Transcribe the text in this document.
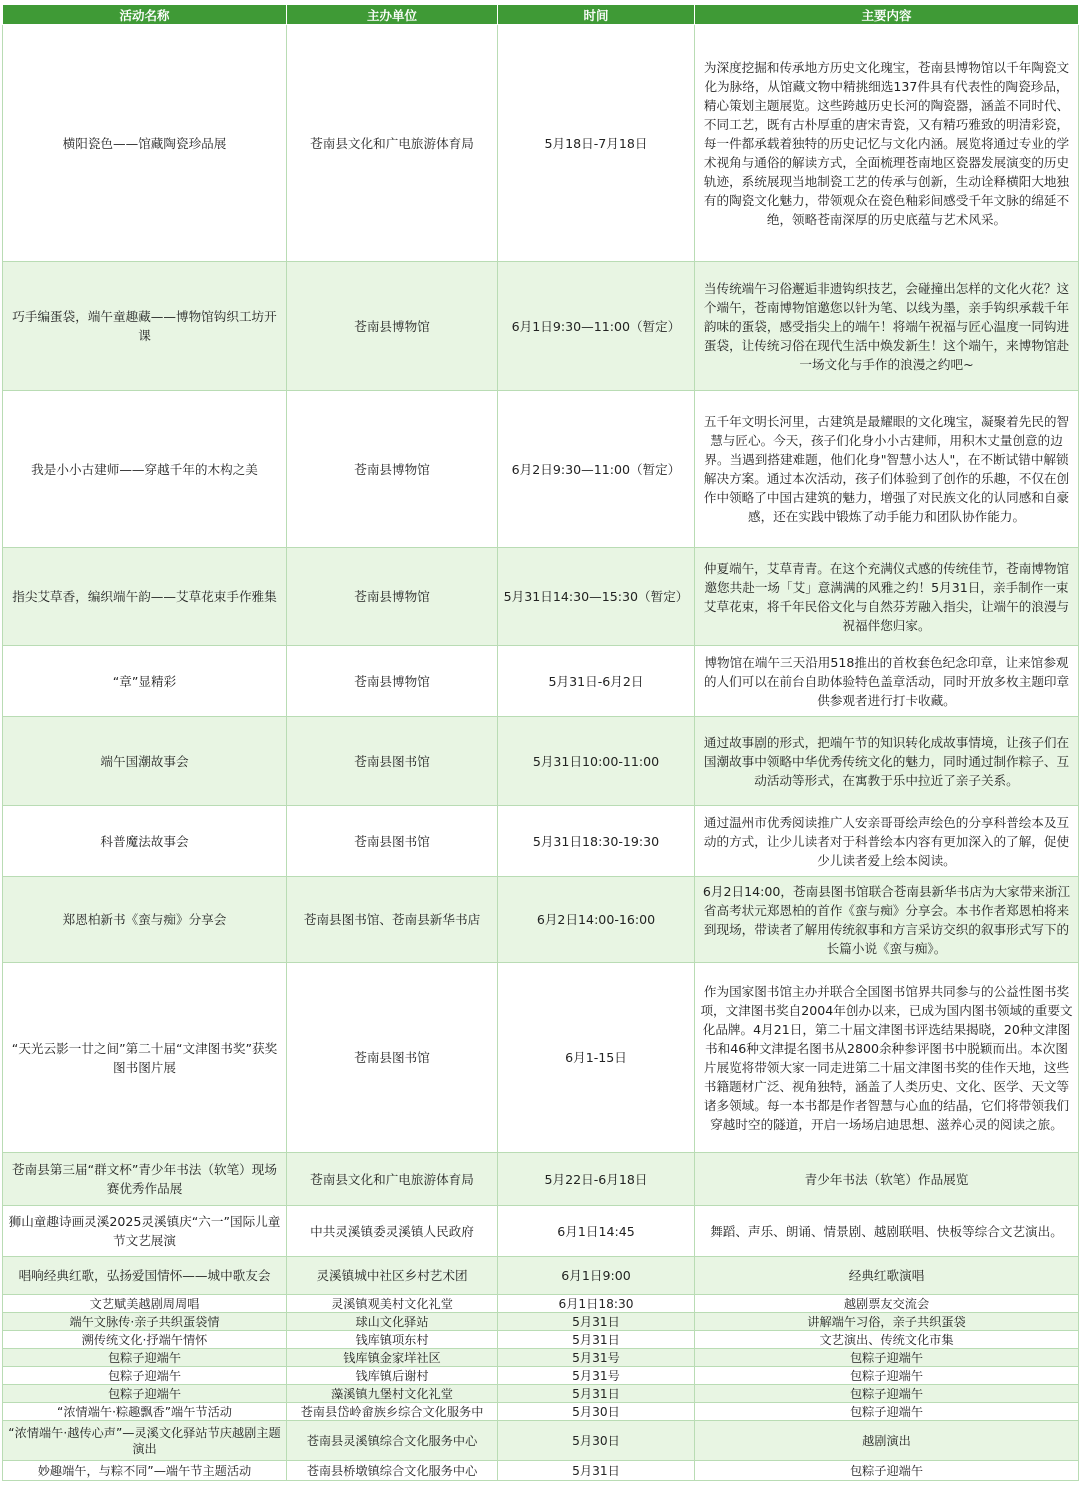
活动名称	主办单位	时间	主要内容
横阳瓷色——馆藏陶瓷珍品展	苍南县文化和广电旅游体育局	5月18日-7月18日	为深度挖掘和传承地方历史文化瑰宝，苍南县博物馆以千年陶瓷文化为脉络，从馆藏文物中精挑细选137件具有代表性的陶瓷珍品，精心策划主题展览。这些跨越历史长河的陶瓷器，涵盖不同时代、不同工艺，既有古朴厚重的唐宋青瓷，又有精巧雅致的明清彩瓷，每一件都承载着独特的历史记忆与文化内涵。展览将通过专业的学术视角与通俗的解读方式，全面梳理苍南地区瓷器发展演变的历史轨迹，系统展现当地制瓷工艺的传承与创新，生动诠释横阳大地独有的陶瓷文化魅力，带领观众在瓷色釉彩间感受千年文脉的绵延不绝，领略苍南深厚的历史底蕴与艺术风采。
巧手编蛋袋，端午童趣藏——博物馆钩织工坊开课	苍南县博物馆	6月1日9:30—11:00（暂定）	当传统端午习俗邂逅非遗钩织技艺，会碰撞出怎样的文化火花？这个端午，苍南博物馆邀您以针为笔、以线为墨，亲手钩织承载千年韵味的蛋袋，感受指尖上的端午！将端午祝福与匠心温度一同钩进蛋袋，让传统习俗在现代生活中焕发新生！这个端午，来博物馆赴一场文化与手作的浪漫之约吧~
我是小小古建师——穿越千年的木构之美	苍南县博物馆	6月2日9:30—11:00（暂定）	五千年文明长河里，古建筑是最耀眼的文化瑰宝，凝聚着先民的智慧与匠心。今天，孩子们化身小小古建师，用积木丈量创意的边界。当遇到搭建难题，他们化身"智慧小达人"，在不断试错中解锁解决方案。通过本次活动，孩子们体验到了创作的乐趣，不仅在创作中领略了中国古建筑的魅力，增强了对民族文化的认同感和自豪感，还在实践中锻炼了动手能力和团队协作能力。
指尖艾草香，编织端午韵——艾草花束手作雅集	苍南县博物馆	5月31日14:30—15:30（暂定）	仲夏端午，艾草青青。在这个充满仪式感的传统佳节，苍南博物馆邀您共赴一场「艾」意满满的风雅之约！5月31日，亲手制作一束艾草花束，将千年民俗文化与自然芬芳融入指尖，让端午的浪漫与祝福伴您归家。
“章”显精彩	苍南县博物馆	5月31日-6月2日	博物馆在端午三天沿用518推出的首枚套色纪念印章，让来馆参观的人们可以在前台自助体验特色盖章活动，同时开放多枚主题印章供参观者进行打卡收藏。
端午国潮故事会	苍南县图书馆	5月31日10:00-11:00	通过故事剧的形式，把端午节的知识转化成故事情境，让孩子们在国潮故事中领略中华优秀传统文化的魅力，同时通过制作粽子、互动活动等形式，在寓教于乐中拉近了亲子关系。
科普魔法故事会	苍南县图书馆	5月31日18:30-19:30	通过温州市优秀阅读推广人安亲哥哥绘声绘色的分享科普绘本及互动的方式，让少儿读者对于科普绘本内容有更加深入的了解，促使少儿读者爱上绘本阅读。
郑恩柏新书《蛮与痴》分享会	苍南县图书馆、苍南县新华书店	6月2日14:00-16:00	6月2日14:00，苍南县图书馆联合苍南县新华书店为大家带来浙江省高考状元郑恩柏的首作《蛮与痴》分享会。本书作者郑恩柏将来到现场，带读者了解用传统叙事和方言采访交织的叙事形式写下的长篇小说《蛮与痴》。
“天光云影一廿之间”第二十届“文津图书奖”获奖图书图片展	苍南县图书馆	6月1-15日	作为国家图书馆主办并联合全国图书馆界共同参与的公益性图书奖项，文津图书奖自2004年创办以来，已成为国内图书领域的重要文化品牌。4月21日，第二十届文津图书评选结果揭晓，20种文津图书和46种文津提名图书从2800余种参评图书中脱颖而出。本次图片展览将带领大家一同走进第二十届文津图书奖的佳作天地，这些书籍题材广泛、视角独特，涵盖了人类历史、文化、医学、天文等诸多领域。每一本书都是作者智慧与心血的结晶，它们将带领我们穿越时空的隧道，开启一场场启迪思想、滋养心灵的阅读之旅。
苍南县第三届“群文杯”青少年书法（软笔）现场赛优秀作品展	苍南县文化和广电旅游体育局	5月22日-6月18日	青少年书法（软笔）作品展览
狮山童趣诗画灵溪2025灵溪镇庆“六一”国际儿童节文艺展演	中共灵溪镇委灵溪镇人民政府	6月1日14:45	舞蹈、声乐、朗诵、情景剧、越剧联唱、快板等综合文艺演出。
唱响经典红歌，弘扬爱国情怀——城中歌友会	灵溪镇城中社区乡村艺术团	6月1日9:00	经典红歌演唱
文艺赋美越剧周周唱	灵溪镇观美村文化礼堂	6月1日18:30	越剧票友交流会
端午文脉传·亲子共织蛋袋情	球山文化驿站	5月31日	讲解端午习俗，亲子共织蛋袋
溯传统文化·抒端午情怀	钱库镇项东村	5月31日	文艺演出、传统文化市集
包粽子迎端午	钱库镇金家垟社区	5月31号	包粽子迎端午
包粽子迎端午	钱库镇后谢村	5月31号	包粽子迎端午
包粽子迎端午	藻溪镇九堡村文化礼堂	5月31日	包粽子迎端午
“浓情端午·粽趣飘香”端午节活动	苍南县岱岭畲族乡综合文化服务中	5月30日	包粽子迎端午
“浓情端午·越传心声”—灵溪文化驿站节庆越剧主题演出	苍南县灵溪镇综合文化服务中心	5月30日	越剧演出
妙趣端午，与粽不同”—端午节主题活动	苍南县桥墩镇综合文化服务中心	5月31日	包粽子迎端午
